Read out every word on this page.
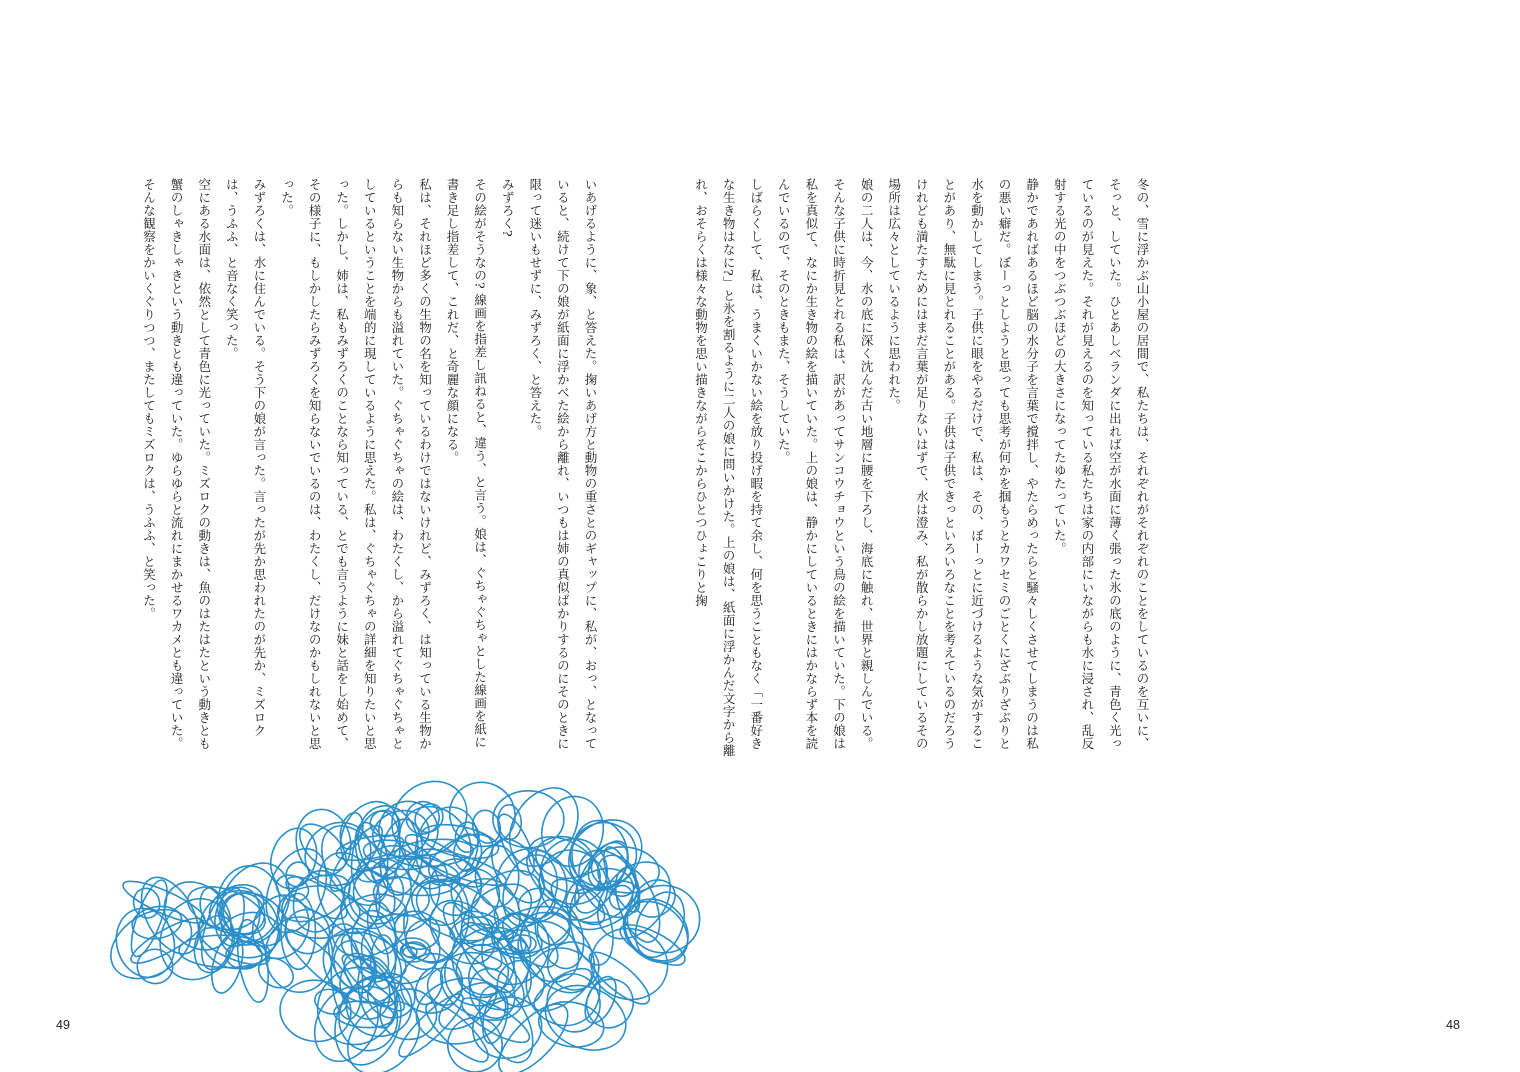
いあげるように、象、と答えた。掬いあげ方と動物の重さとのギャップに、私が、おっ、となっていると、続けて下の娘が紙面に浮かべた絵から離れ、いつもは姉の真似ばかりするのにそのときに限って迷いもせずに、みずろく、と答えた。

みずろく?

その絵がそうなの? 線画を指差し訊ねると、違う、と言う。娘は、ぐちゃぐちゃとした線画を紙に書き足し指差して、これだ、と奇麗な顔になる。

私は、それほど多くの生物の名を知っているわけではないけれど、みずろく、は知っている生物からも知らない生物からも溢れていた。ぐちゃぐちゃの絵は、わたくし、から溢れてぐちゃぐちゃとしているということを端的に現しているように思えた。私は、ぐちゃぐちゃの詳細を知りたいと思った。しかし、姉は、私もみずろくのことなら知っている、とでも言うように妹と話をし始めて、その様子に、もしかしたらみずろくを知らないでいるのは、わたくし、だけなのかもしれないと思った。

みずろくは、水に住んでいる。そう下の娘が言った。言ったが先か思われたのが先か、ミズロクは、うふふ、と音なく笑った。

空にある水面は、依然として青色に光っていた。ミズロクの動きは、魚のはたはたという動きとも蟹のしゃきしゃきという動きとも違っていた。ゆらゆらと流れにまかせるワカメとも違っていた。そんな観察をかいくぐりつつ、またしてもミズロクは、うふふ、と笑った。

49

冬の、雪に浮かぶ山小屋の居間で、私たちは、それぞれがそれぞれのことをしているのを互いに、そっと、していた。ひとあしベランダに出れば空が水面に薄く張った氷の底のように、青色く光っているのが見えた。それが見えるのを知っている私たちは家の内部にいながらも水に浸され、乱反射する光の中をつぶつぶほどの大きさになってたゆたっていた。

静かであればあるほど脳の水分子を言葉で撹拌し、やたらめったらと騒々しくさせてしまうのは私の悪い癖だ。ぼーっとしようと思っても思考が何かを掴もうとカワセミのごとくにざぶりざぶりと水を動かしてしまう。子供に眼をやるだけで、私は、その、ぼーっとに近づけるような気がすることがあり、無駄に見とれることがある。子供は子供できっといろいろなことを考えているのだろうけれども満たすためにはまだ言葉が足りないはずで、水は澄み、私が散らかし放題にしているその場所は広々としているように思われた。

娘の二人は、今、水の底に深く沈んだ古い地層に腰を下ろし、海底に触れ、世界と親しんでいる。そんな子供に時折見とれる私は、訳があってサンコウチョウという鳥の絵を描いていた。下の娘は私を真似て、なにか生き物の絵を描いていた。上の娘は、静かにしているときにはかならず本を読んでいるので、そのときもまた、そうしていた。

しばらくして、私は、うまくいかない絵を放り投げ暇を持て余し、何を思うこともなく「一番好きな生き物はなに?」と氷を割るように二人の娘に問いかけた。上の娘は、紙面に浮かんだ文字から離れ、おそらくは様々な動物を思い描きながらそこからひとつひょこりと掬

48
